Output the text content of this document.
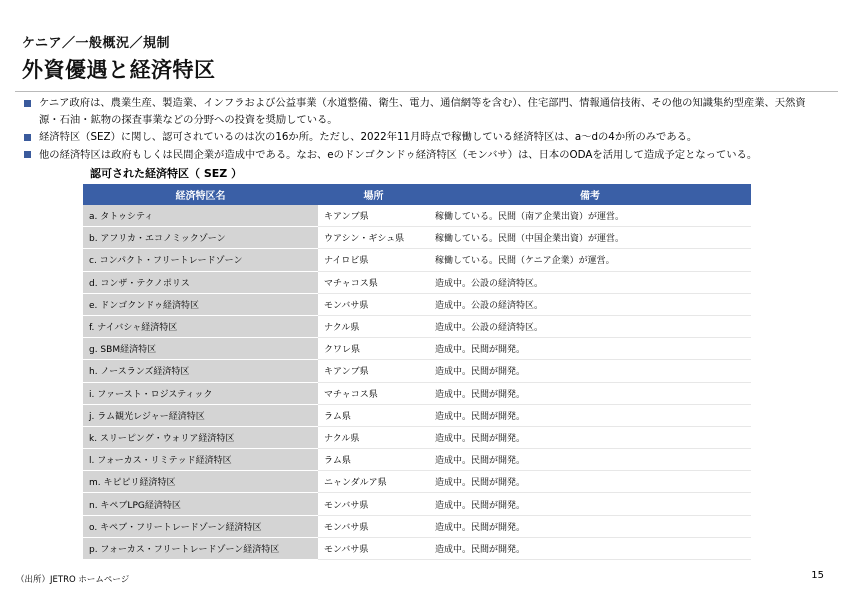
ケニア／一般概況／規制
外資優遇と経済特区
ケニア政府は、農業生産、製造業、インフラおよび公益事業（水道整備、衛生、電力、通信網等を含む）、住宅部門、情報通信技術、その他の知識集約型産業、天然資源・石油・鉱物の探査事業などの分野への投資を奨励している。
経済特区（SEZ）に関し、認可されているのは次の16か所。ただし、2022年11月時点で稼働している経済特区は、a～dの4か所のみである。
他の経済特区は政府もしくは民間企業が造成中である。なお、eのドンゴクンドゥ経済特区（モンバサ）は、日本のODAを活用して造成予定となっている。
認可された経済特区（ SEZ ）
経済特区名	場所	備考
a. タトゥシティ	キアンブ県	稼働している。民間（南ア企業出資）が運営。
b. アフリカ・エコノミックゾーン	ウアシン・ギシュ県	稼働している。民間（中国企業出資）が運営。
c. コンパクト・フリートレードゾーン	ナイロビ県	稼働している。民間（ケニア企業）が運営。
d. コンザ・テクノポリス	マチャコス県	造成中。公設の経済特区。
e. ドンゴクンドゥ経済特区	モンバサ県	造成中。公設の経済特区。
f. ナイバシャ経済特区	ナクル県	造成中。公設の経済特区。
g. SBM経済特区	クワレ県	造成中。民間が開発。
h. ノースランズ経済特区	キアンブ県	造成中。民間が開発。
i. ファースト・ロジスティック	マチャコス県	造成中。民間が開発。
j. ラム観光レジャー経済特区	ラム県	造成中。民間が開発。
k. スリーピング・ウォリア経済特区	ナクル県	造成中。民間が開発。
l. フォーカス・リミテッド経済特区	ラム県	造成中。民間が開発。
m. キピピリ経済特区	ニャンダルア県	造成中。民間が開発。
n. キペブLPG経済特区	モンバサ県	造成中。民間が開発。
o. キペブ・フリートレードゾーン経済特区	モンバサ県	造成中。民間が開発。
p. フォーカス・フリートレードゾーン経済特区	モンバサ県	造成中。民間が開発。
（出所）JETRO ホームページ	15
